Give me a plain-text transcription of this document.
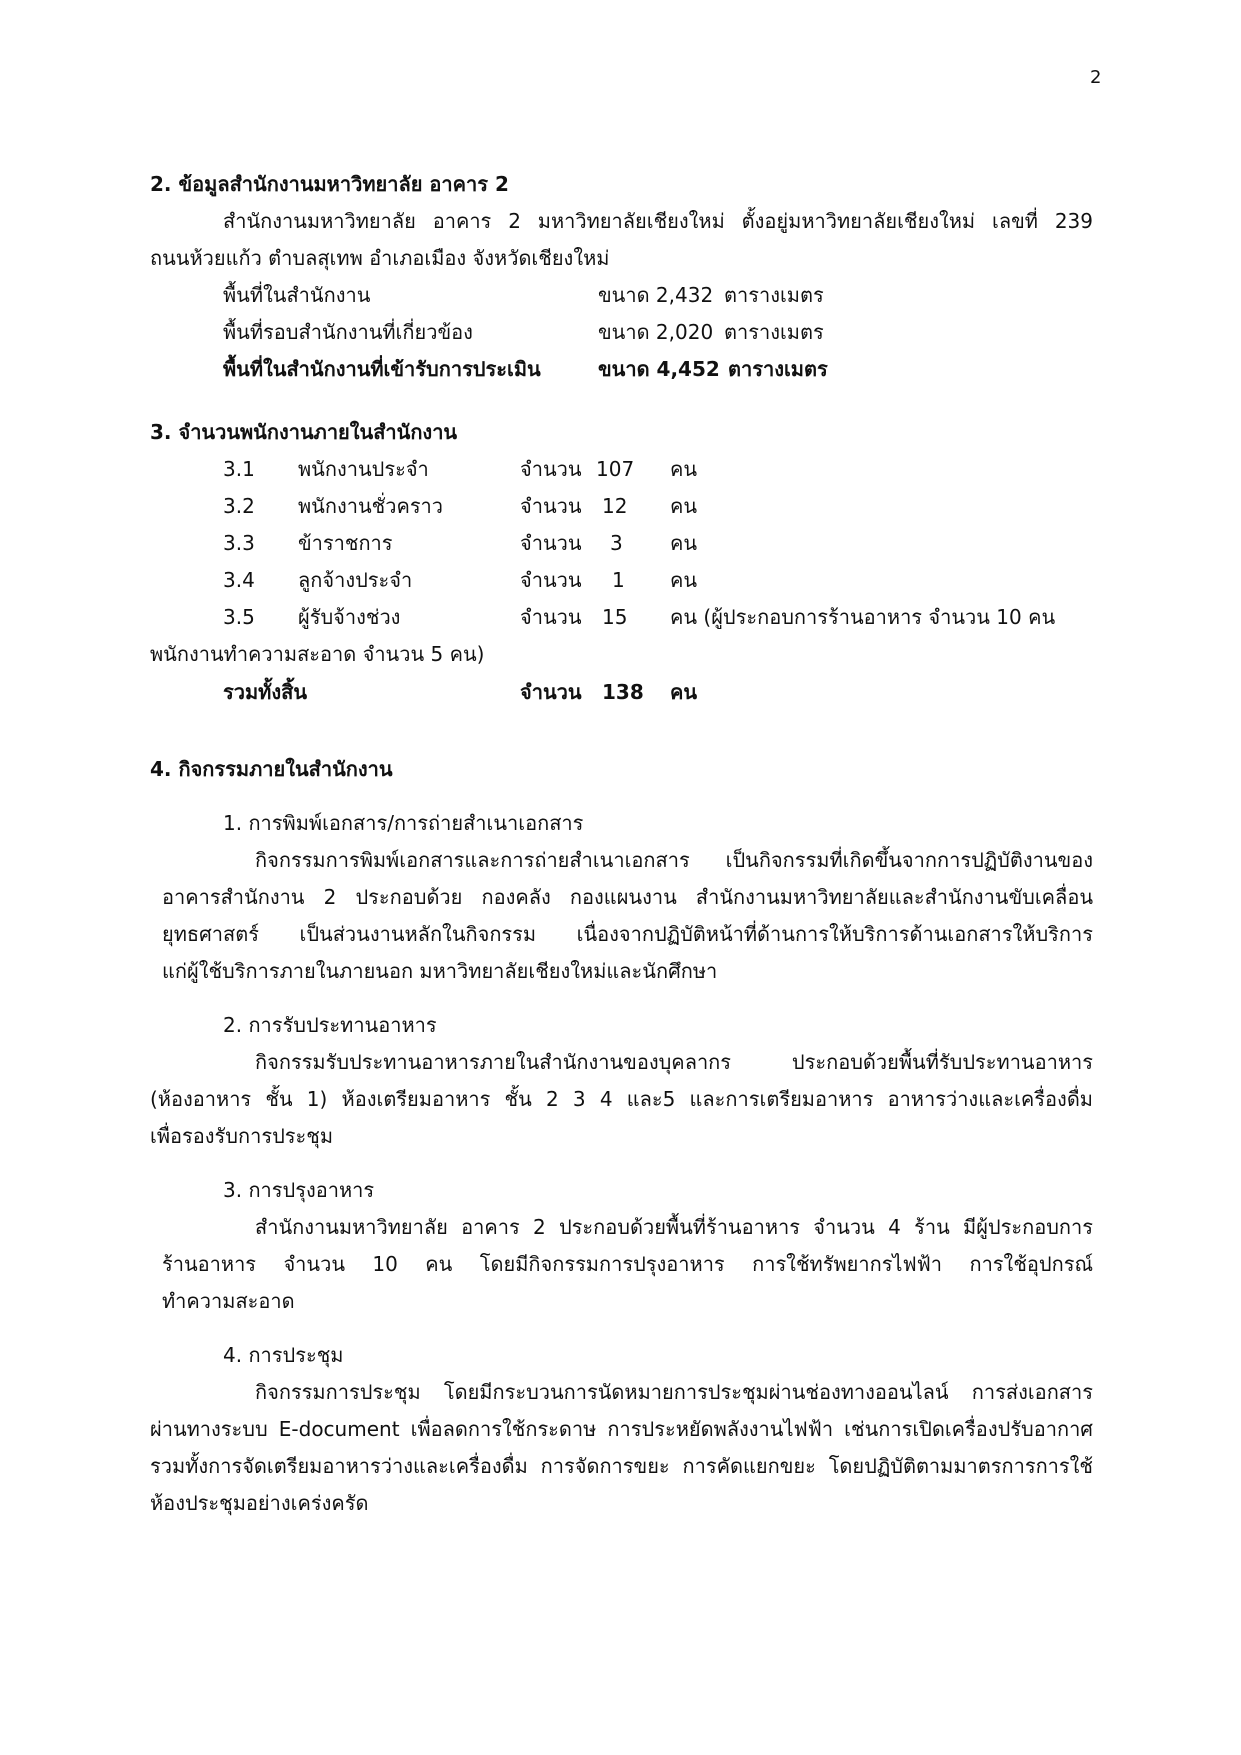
2
2. ข้อมูลสำนักงานมหาวิทยาลัย อาคาร 2
สำนักงานมหาวิทยาลัย อาคาร 2 มหาวิทยาลัยเชียงใหม่ ตั้งอยู่มหาวิทยาลัยเชียงใหม่ เลขที่ 239
ถนนห้วยแก้ว ตำบลสุเทพ อำเภอเมือง จังหวัดเชียงใหม่
พื้นที่ในสำนักงาน	ขนาด 2,432 ตารางเมตร
พื้นที่รอบสำนักงานที่เกี่ยวข้อง	ขนาด 2,020 ตารางเมตร
พื้นที่ในสำนักงานที่เข้ารับการประเมิน	ขนาด 4,452 ตารางเมตร
3. จำนวนพนักงานภายในสำนักงาน
3.1 พนักงานประจำ	จำนวน 107 คน
3.2 พนักงานชั่วคราว	จำนวน 12 คน
3.3 ข้าราชการ	จำนวน 3 คน
3.4 ลูกจ้างประจำ	จำนวน 1 คน
3.5 ผู้รับจ้างช่วง	จำนวน 15 คน (ผู้ประกอบการร้านอาหาร จำนวน 10 คน
พนักงานทำความสะอาด จำนวน 5 คน)
รวมทั้งสิ้น	จำนวน 138 คน
4. กิจกรรมภายในสำนักงาน
1. การพิมพ์เอกสาร/การถ่ายสำเนาเอกสาร
กิจกรรมการพิมพ์เอกสารและการถ่ายสำเนาเอกสาร เป็นกิจกรรมที่เกิดขึ้นจากการปฏิบัติงานของ
อาคารสำนักงาน 2 ประกอบด้วย กองคลัง กองแผนงาน สำนักงานมหาวิทยาลัยและสำนักงานขับเคลื่อน
ยุทธศาสตร์ เป็นส่วนงานหลักในกิจกรรม เนื่องจากปฏิบัติหน้าที่ด้านการให้บริการด้านเอกสารให้บริการ
แก่ผู้ใช้บริการภายในภายนอก มหาวิทยาลัยเชียงใหม่และนักศึกษา
2. การรับประทานอาหาร
กิจกรรมรับประทานอาหารภายในสำนักงานของบุคลากร ประกอบด้วยพื้นที่รับประทานอาหาร
(ห้องอาหาร ชั้น 1) ห้องเตรียมอาหาร ชั้น 2 3 4 และ5 และการเตรียมอาหาร อาหารว่างและเครื่องดื่ม
เพื่อรองรับการประชุม
3. การปรุงอาหาร
สำนักงานมหาวิทยาลัย อาคาร 2 ประกอบด้วยพื้นที่ร้านอาหาร จำนวน 4 ร้าน มีผู้ประกอบการ
ร้านอาหาร จำนวน 10 คน โดยมีกิจกรรมการปรุงอาหาร การใช้ทรัพยากรไฟฟ้า การใช้อุปกรณ์
ทำความสะอาด
4. การประชุม
กิจกรรมการประชุม โดยมีกระบวนการนัดหมายการประชุมผ่านช่องทางออนไลน์ การส่งเอกสาร
ผ่านทางระบบ E-document เพื่อลดการใช้กระดาษ การประหยัดพลังงานไฟฟ้า เช่นการเปิดเครื่องปรับอากาศ
รวมทั้งการจัดเตรียมอาหารว่างและเครื่องดื่ม การจัดการขยะ การคัดแยกขยะ โดยปฏิบัติตามมาตรการการใช้
ห้องประชุมอย่างเคร่งครัด
